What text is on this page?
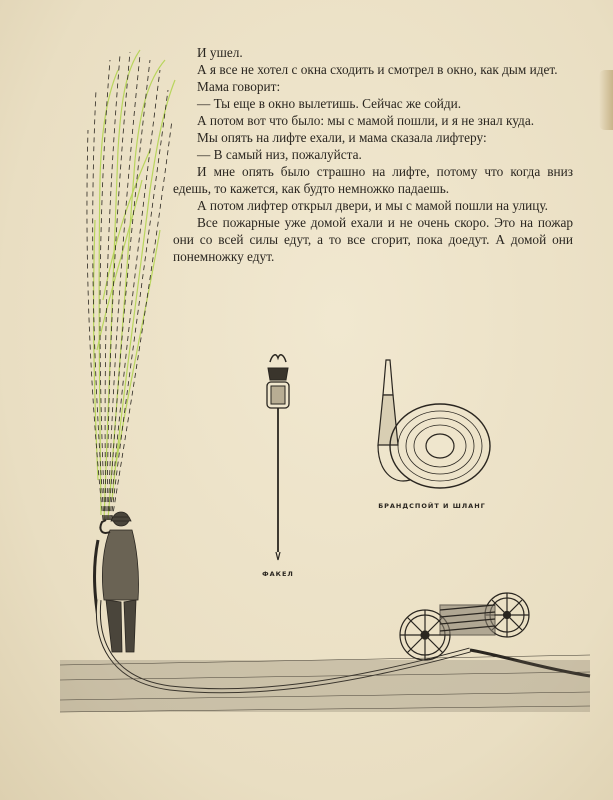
И ушел.

А я все не хотел с окна сходить и смотрел в окно, как дым идет.

Мама говорит:

— Ты еще в окно вылетишь. Сейчас же сойди.

А потом вот что было: мы с мамой пошли, и я не знал куда.

Мы опять на лифте ехали, и мама сказала лифтеру:

— В самый низ, пожалуйста.

И мне опять было страшно на лифте, потому что когда вниз едешь, то кажется, как будто немножко падаешь.

А потом лифтер открыл двери, и мы с мамой пошли на улицу.

Все пожарные уже домой ехали и не очень скоро. Это на пожар они со всей силы едут, а то все сгорит, пока доедут. А домой они понемножку едут.

ФАКЕЛ
БРАНДСПОЙТ И ШЛАНГ
